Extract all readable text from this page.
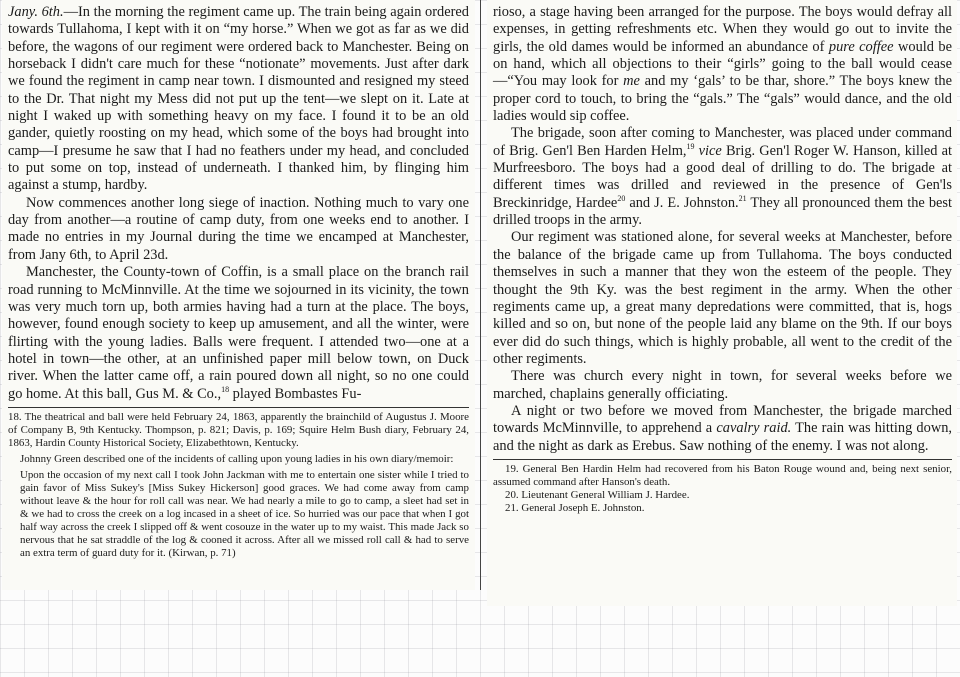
Jany. 6th.—In the morning the regiment came up. The train being again ordered towards Tullahoma, I kept with it on “my horse.” When we got as far as we did before, the wagons of our regiment were ordered back to Manchester. Being on horseback I didn't care much for these “notionate” movements. Just after dark we found the regiment in camp near town. I dismounted and resigned my steed to the Dr. That night my Mess did not put up the tent—we slept on it. Late at night I waked up with something heavy on my face. I found it to be an old gander, quietly roosting on my head, which some of the boys had brought into camp—I presume he saw that I had no feathers under my head, and concluded to put some on top, instead of underneath. I thanked him, by flinging him against a stump, hardby.

Now commences another long siege of inaction. Nothing much to vary one day from another—a routine of camp duty, from one weeks end to another. I made no entries in my Journal during the time we encamped at Manchester, from Jany 6th, to April 23d.

Manchester, the County-town of Coffin, is a small place on the branch rail road running to McMinnville. At the time we sojourned in its vicinity, the town was very much torn up, both armies having had a turn at the place. The boys, however, found enough society to keep up amusement, and all the winter, were flirting with the young ladies. Balls were frequent. I attended two—one at a hotel in town—the other, at an unfinished paper mill below town, on Duck river. When the latter came off, a rain poured down all night, so no one could go home. At this ball, Gus M. & Co.,$^{18}$ played Bombastes Fu-

18. The theatrical and ball were held February 24, 1863, apparently the brainchild of Augustus J. Moore of Company B, 9th Kentucky. Thompson, p. 821; Davis, p. 169; Squire Helm Bush diary, February 24, 1863, Hardin County Historical Society, Elizabethtown, Kentucky.

Johnny Green described one of the incidents of calling upon young ladies in his own diary/memoir:

Upon the occasion of my next call I took John Jackman with me to entertain one sister while I tried to gain favor of Miss Sukey's [Miss Sukey Hickerson] good graces. We had come away from camp without leave & the hour for roll call was near. We had nearly a mile to go to camp, a sleet had set in & we had to cross the creek on a log incased in a sheet of ice. So hurried was our pace that when I got half way across the creek I slipped off & went cosouze in the water up to my waist. This made Jack so nervous that he sat straddle of the log & cooned it across. After all we missed roll call & had to serve an extra term of guard duty for it. (Kirwan, p. 71)

rioso, a stage having been arranged for the purpose. The boys would defray all expenses, in getting refreshments etc. When they would go out to invite the girls, the old dames would be informed an abundance of pure coffee would be on hand, which all objections to their “girls” going to the ball would cease—“You may look for me and my ‘gals’ to be thar, shore.” The boys knew the proper cord to touch, to bring the “gals.” The “gals” would dance, and the old ladies would sip coffee.

The brigade, soon after coming to Manchester, was placed under command of Brig. Gen'l Ben Harden Helm,$^{19}$ vice Brig. Gen'l Roger W. Hanson, killed at Murfreesboro. The boys had a good deal of drilling to do. The brigade at different times was drilled and reviewed in the presence of Gen'ls Breckinridge, Hardee$^{20}$ and J. E. Johnston.$^{21}$ They all pronounced them the best drilled troops in the army.

Our regiment was stationed alone, for several weeks at Manchester, before the balance of the brigade came up from Tullahoma. The boys conducted themselves in such a manner that they won the esteem of the people. They thought the 9th Ky. was the best regiment in the army. When the other regiments came up, a great many depredations were committed, that is, hogs killed and so on, but none of the people laid any blame on the 9th. If our boys ever did do such things, which is highly probable, all went to the credit of the other regiments.

There was church every night in town, for several weeks before we marched, chaplains generally officiating.

A night or two before we moved from Manchester, the brigade marched towards McMinnville, to apprehend a cavalry raid. The rain was hitting down, and the night as dark as Erebus. Saw nothing of the enemy. I was not along.

19. General Ben Hardin Helm had recovered from his Baton Rouge wound and, being next senior, assumed command after Hanson's death.

20. Lieutenant General William J. Hardee.

21. General Joseph E. Johnston.
